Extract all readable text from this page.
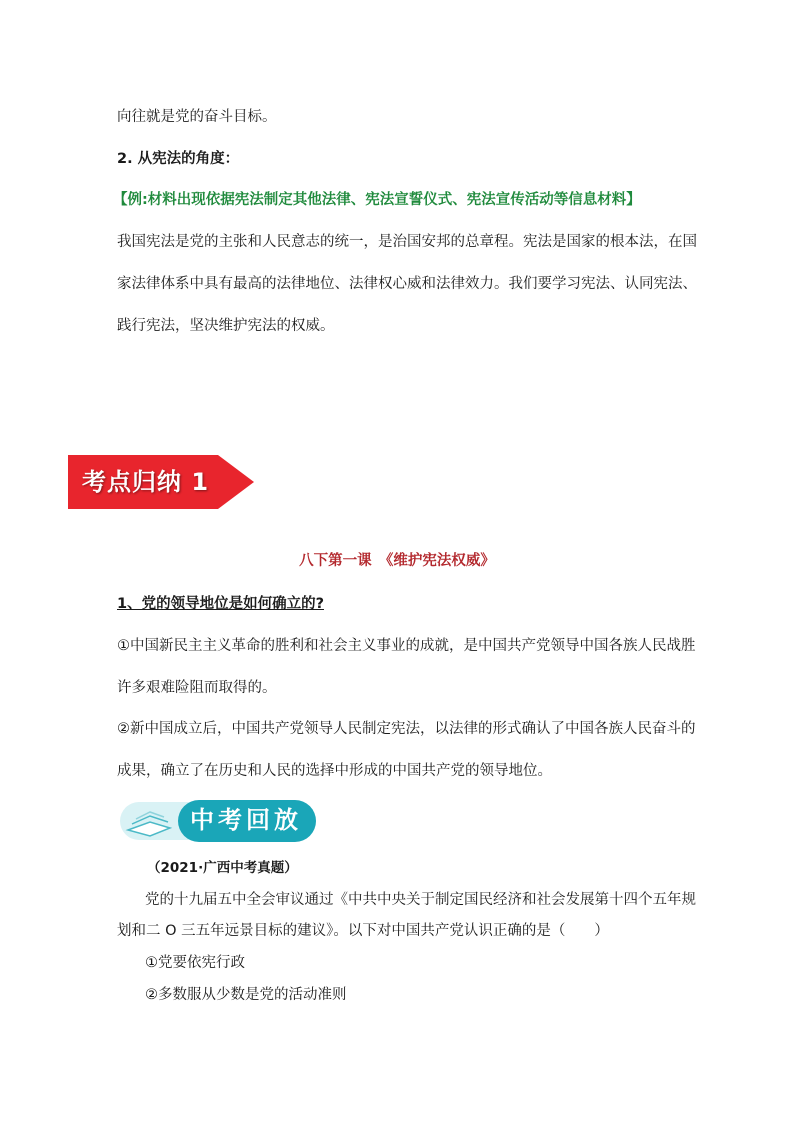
向往就是党的奋斗目标。
2. 从宪法的角度：
【例:材料出现依据宪法制定其他法律、宪法宣誓仪式、宪法宣传活动等信息材料】
我国宪法是党的主张和人民意志的统一，是治国安邦的总章程。宪法是国家的根本法，在国
家法律体系中具有最高的法律地位、法律权心威和法律效力。我们要学习宪法、认同宪法、
践行宪法，坚决维护宪法的权威。
考点归纳 1
八下第一课　《维护宪法权威》
1、党的领导地位是如何确立的?
①中国新民主主义革命的胜利和社会主义事业的成就，是中国共产党领导中国各族人民战胜
许多艰难险阻而取得的。
②新中国成立后，中国共产党领导人民制定宪法，以法律的形式确认了中国各族人民奋斗的
成果，确立了在历史和人民的选择中形成的中国共产党的领导地位。
中考回放
（2021·广西中考真题）
党的十九届五中全会审议通过《中共中央关于制定国民经济和社会发展第十四个五年规
划和二 O 三五年远景目标的建议》。以下对中国共产党认识正确的是（　　）
①党要依宪行政
②多数服从少数是党的活动准则
